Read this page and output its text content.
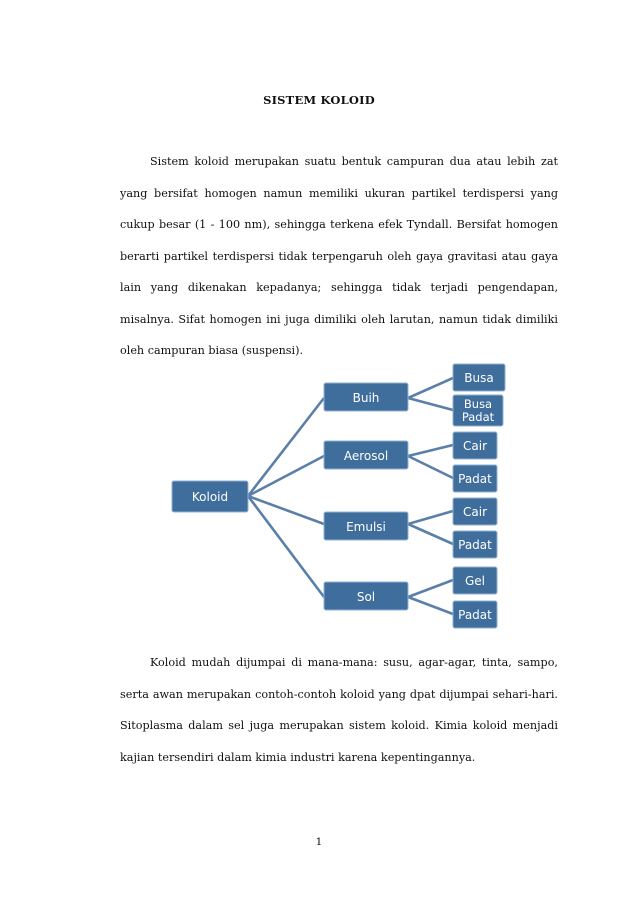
SISTEM KOLOID

Sistem koloid merupakan suatu bentuk campuran dua atau lebih zat yang bersifat homogen namun memiliki ukuran partikel terdispersi yang cukup besar (1 - 100 nm), sehingga terkena efek Tyndall. Bersifat homogen berarti partikel terdispersi tidak terpengaruh oleh gaya gravitasi atau gaya lain yang dikenakan kepadanya; sehingga tidak terjadi pengendapan, misalnya. Sifat homogen ini juga dimiliki oleh larutan, namun tidak dimiliki oleh campuran biasa (suspensi).

Koloid
Buih
Aerosol
Emulsi
Sol
Busa
Busa Padat
Cair
Padat
Cair
Padat
Gel
Padat

Koloid mudah dijumpai di mana-mana: susu, agar-agar, tinta, sampo, serta awan merupakan contoh-contoh koloid yang dpat dijumpai sehari-hari. Sitoplasma dalam sel juga merupakan sistem koloid. Kimia koloid menjadi kajian tersendiri dalam kimia industri karena kepentingannya.

1
